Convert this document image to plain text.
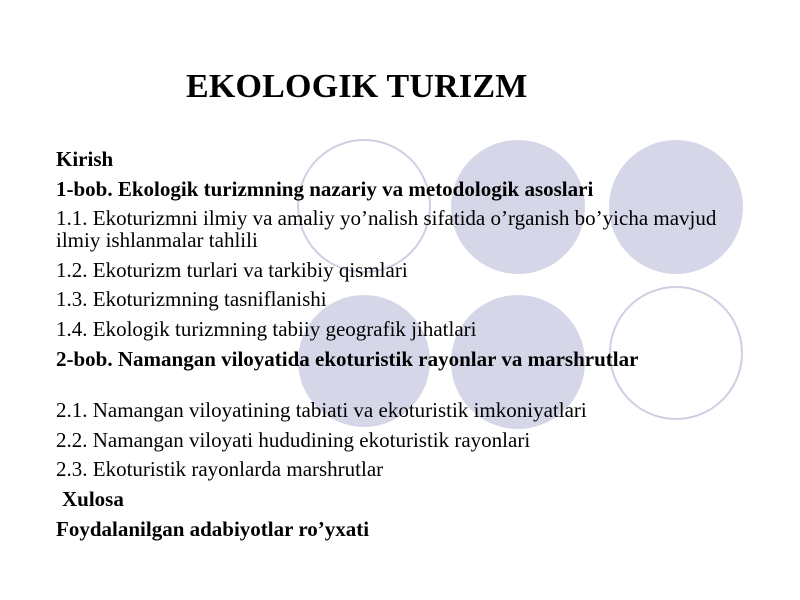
EKOLOGIK TURIZM
Kirish
1-bob. Ekologik turizmning nazariy va metodologik asoslari
1.1. Ekoturizmni ilmiy va amaliy yo’nalish sifatida o’rganish bo’yicha mavjud ilmiy ishlanmalar tahlili
1.2. Ekoturizm turlari va tarkibiy qismlari
1.3. Ekoturizmning tasniflanishi
1.4. Ekologik turizmning tabiiy geografik jihatlari
2-bob. Namangan viloyatida ekoturistik rayonlar va marshrutlar
2.1. Namangan viloyatining tabiati va ekoturistik imkoniyatlari
2.2. Namangan viloyati hududining ekoturistik rayonlari
2.3. Ekoturistik rayonlarda marshrutlar
Xulosa
Foydalanilgan adabiyotlar ro’yxati
